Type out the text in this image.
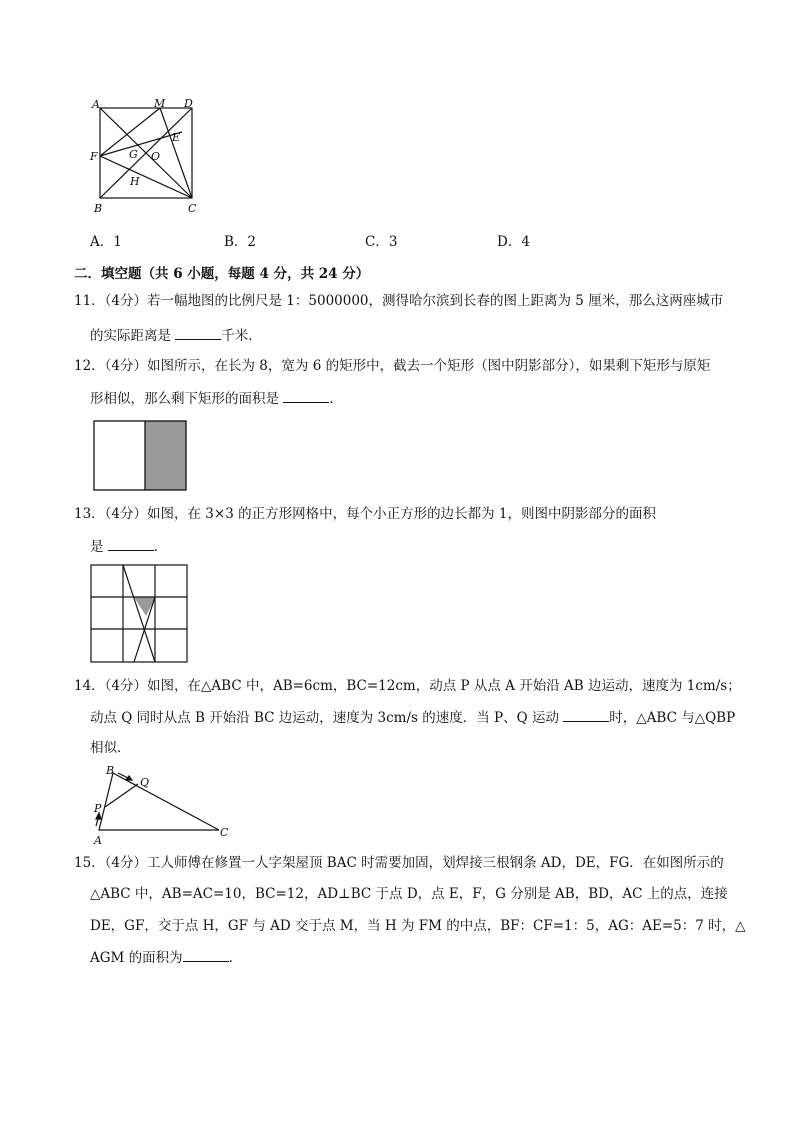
A	M D
E
F	G O
H
B	C
A．1	B．2	C．3	D．4
二．填空题（共 6 小题，每题 4 分，共 24 分）
11．（4分）若一幅地图的比例尺是 1：5000000，测得哈尔滨到长春的图上距离为 5 厘米，那么这两座城市
的实际距离是	千米．
12．（4分）如图所示，在长为 8，宽为 6 的矩形中，截去一个矩形（图中阴影部分），如果剩下矩形与原矩
形相似，那么剩下矩形的面积是	．
13．（4分）如图，在 3×3 的正方形网格中，每个小正方形的边长都为 1，则图中阴影部分的面积
是	．
14．（4分）如图，在△ABC 中，AB=6cm，BC=12cm，动点 P 从点 A 开始沿 AB 边运动，速度为 1cm/s；
动点 Q 同时从点 B 开始沿 BC 边运动，速度为 3cm/s 的速度．当 P、Q 运动	时，△ABC 与△QBP
相似．
B
Q
P
A
C
15．（4分）工人师傅在修置一人字架屋顶 BAC 时需要加固，划焊接三根钢条 AD，DE，FG．在如图所示的
△ABC 中，AB=AC=10，BC=12，AD⊥BC 于点 D，点 E，F，G 分别是 AB，BD，AC 上的点，连接
DE，GF，交于点 H，GF 与 AD 交于点 M，当 H 为 FM 的中点，BF：CF=1：5，AG：AE=5：7 时，△
AGM 的面积为	．
